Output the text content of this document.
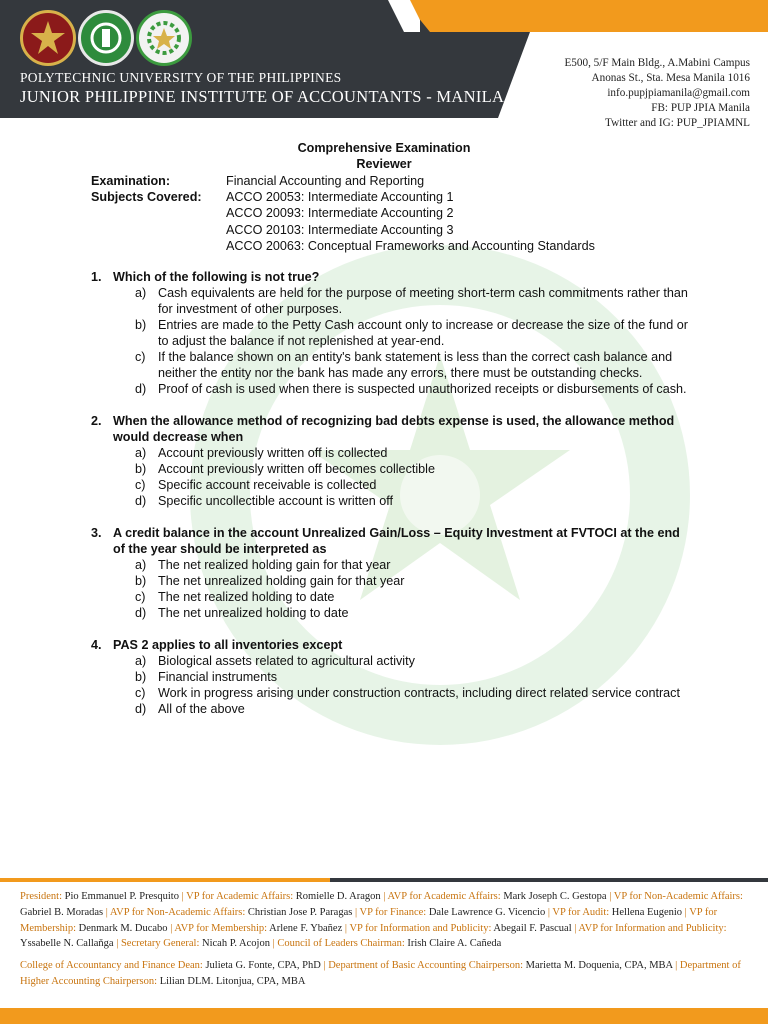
POLYTECHNIC UNIVERSITY OF THE PHILIPPINES
JUNIOR PHILIPPINE INSTITUTE OF ACCOUNTANTS - MANILA
E500, 5/F Main Bldg., A.Mabini Campus
Anonas St., Sta. Mesa Manila 1016
info.pupjpiamanila@gmail.com
FB: PUP JPIA Manila
Twitter and IG: PUP_JPIAMNL
Comprehensive Examination
Reviewer
Examination:	Financial Accounting and Reporting
Subjects Covered:	ACCO 20053: Intermediate Accounting 1
ACCO 20093: Intermediate Accounting 2
ACCO 20103: Intermediate Accounting 3
ACCO 20063: Conceptual Frameworks and Accounting Standards
1. Which of the following is not true?
a) Cash equivalents are held for the purpose of meeting short-term cash commitments rather than for investment of other purposes.
b) Entries are made to the Petty Cash account only to increase or decrease the size of the fund or to adjust the balance if not replenished at year-end.
c) If the balance shown on an entity's bank statement is less than the correct cash balance and neither the entity nor the bank has made any errors, there must be outstanding checks.
d) Proof of cash is used when there is suspected unauthorized receipts or disbursements of cash.
2. When the allowance method of recognizing bad debts expense is used, the allowance method would decrease when
a) Account previously written off is collected
b) Account previously written off becomes collectible
c) Specific account receivable is collected
d) Specific uncollectible account is written off
3. A credit balance in the account Unrealized Gain/Loss – Equity Investment at FVTOCI at the end of the year should be interpreted as
a) The net realized holding gain for that year
b) The net unrealized holding gain for that year
c) The net realized holding to date
d) The net unrealized holding to date
4. PAS 2 applies to all inventories except
a) Biological assets related to agricultural activity
b) Financial instruments
c) Work in progress arising under construction contracts, including direct related service contract
d) All of the above
President: Pio Emmanuel P. Presquito | VP for Academic Affairs: Romielle D. Aragon | AVP for Academic Affairs: Mark Joseph C. Gestopa | VP for Non-Academic Affairs: Gabriel B. Moradas | AVP for Non-Academic Affairs: Christian Jose P. Paragas | VP for Finance: Dale Lawrence G. Vicencio | VP for Audit: Hellena Eugenio | VP for Membership: Denmark M. Ducabo | AVP for Membership: Arlene F. Ybañez | VP for Information and Publicity: Abegail F. Pascual | AVP for Information and Publicity: Yssabelle N. Callaňga | Secretary General: Nicah P. Acojon | Council of Leaders Chairman: Irish Claire A. Cañeda
College of Accountancy and Finance Dean: Julieta G. Fonte, CPA, PhD | Department of Basic Accounting Chairperson: Marietta M. Doquenia, CPA, MBA | Department of Higher Accounting Chairperson: Lilian DLM. Litonjua, CPA, MBA
